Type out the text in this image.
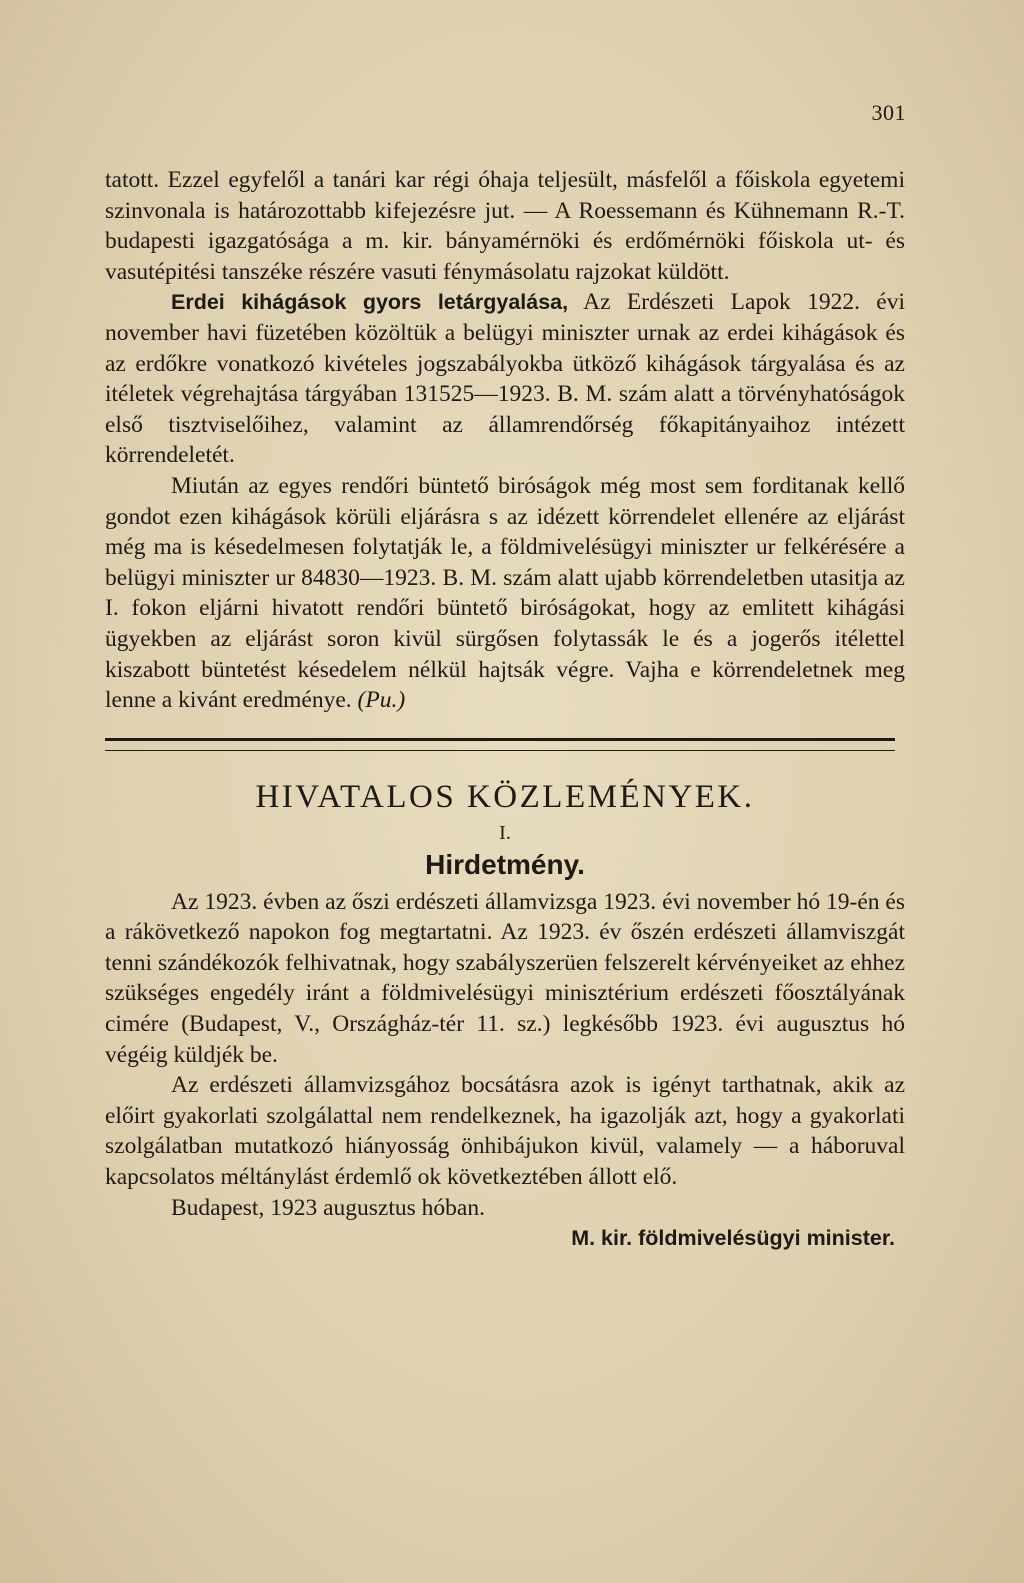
301

tatott. Ezzel egyfelől a tanári kar régi óhaja teljesült, másfelől a főiskola egyetemi szinvonala is határozottabb kifejezésre jut. — A Roessemann és Kühnemann R.-T. budapesti igazgatósága a m. kir. bányamérnöki és erdőmérnöki főiskola ut- és vasutépitési tanszéke részére vasuti fénymásolatu rajzokat küldött.

Erdei kihágások gyors letárgyalása, Az Erdészeti Lapok 1922. évi november havi füzetében közöltük a belügyi miniszter urnak az erdei kihágások és az erdőkre vonatkozó kivételes jogszabályokba ütköző kihágások tárgyalása és az itéletek végrehajtása tárgyában 131525—1923. B. M. szám alatt a törvényhatóságok első tisztviselőihez, valamint az államrendőrség főkapitányaihoz intézett körrendeletét.

Miután az egyes rendőri büntető biróságok még most sem forditanak kellő gondot ezen kihágások körüli eljárásra s az idézett körrendelet ellenére az eljárást még ma is késedelmesen folytatják le, a földmivelésügyi miniszter ur felkérésére a belügyi miniszter ur 84830—1923. B. M. szám alatt ujabb körrendeletben utasitja az I. fokon eljárni hivatott rendőri büntető biróságokat, hogy az emlitett kihágási ügyekben az eljárást soron kivül sürgősen folytassák le és a jogerős itélettel kiszabott büntetést késedelem nélkül hajtsák végre. Vajha e körrendeletnek meg lenne a kivánt eredménye. (Pu.)

HIVATALOS KÖZLEMÉNYEK.
I.
Hirdetmény.

Az 1923. évben az őszi erdészeti államvizsga 1923. évi november hó 19-én és a rákövetkező napokon fog megtartatni. Az 1923. év őszén erdészeti államviszgát tenni szándékozók felhivatnak, hogy szabályszerüen felszerelt kérvényeiket az ehhez szükséges engedély iránt a földmivelésügyi minisztérium erdészeti főosztályának cimére (Budapest, V., Országház-tér 11. sz.) legkésőbb 1923. évi augusztus hó végéig küldjék be.

Az erdészeti államvizsgához bocsátásra azok is igényt tarthatnak, akik az előirt gyakorlati szolgálattal nem rendelkeznek, ha igazolják azt, hogy a gyakorlati szolgálatban mutatkozó hiányosság önhibájukon kivül, valamely — a háboruval kapcsolatos méltánylást érdemlő ok következtében állott elő.

Budapest, 1923 augusztus hóban.

M. kir. földmivelésügyi minister.
